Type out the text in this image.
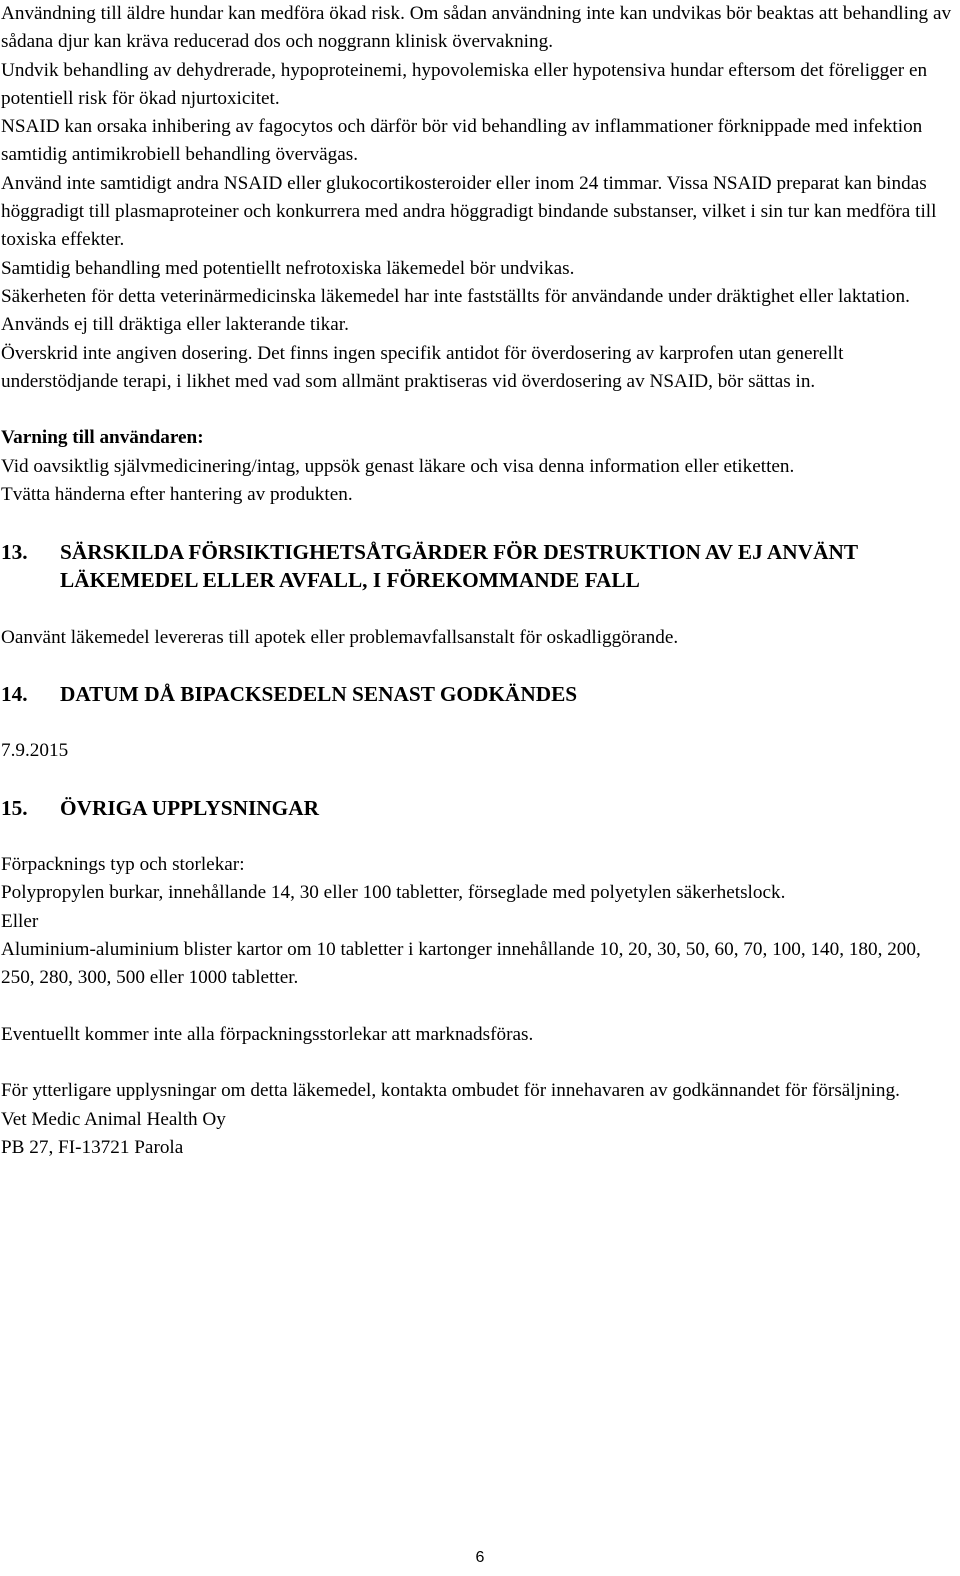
Användning till äldre hundar kan medföra ökad risk. Om sådan användning inte kan undvikas bör beaktas att behandling av sådana djur kan kräva reducerad dos och noggrann klinisk övervakning.

Undvik behandling av dehydrerade, hypoproteinemi, hypovolemiska eller hypotensiva hundar eftersom det föreligger en potentiell risk för ökad njurtoxicitet.

NSAID kan orsaka inhibering av fagocytos och därför bör vid behandling av inflammationer förknippade med infektion samtidig antimikrobiell behandling övervägas.

Använd inte samtidigt andra NSAID eller glukocortikosteroider eller inom 24 timmar. Vissa NSAID preparat kan bindas höggradigt till plasmaproteiner och konkurrera med andra höggradigt bindande substanser, vilket i sin tur kan medföra till toxiska effekter.

Samtidig behandling med potentiellt nefrotoxiska läkemedel bör undvikas.

Säkerheten för detta veterinärmedicinska läkemedel har inte fastställts för användande under dräktighet eller laktation. Används ej till dräktiga eller lakterande tikar.

Överskrid inte angiven dosering. Det finns ingen specifik antidot för överdosering av karprofen utan generellt understödjande terapi, i likhet med vad som allmänt praktiseras vid överdosering av NSAID, bör sättas in.

Varning till användaren:

Vid oavsiktlig självmedicinering/intag, uppsök genast läkare och visa denna information eller etiketten.

Tvätta händerna efter hantering av produkten.

13.	SÄRSKILDA FÖRSIKTIGHETSÅTGÄRDER FÖR DESTRUKTION AV EJ ANVÄNT LÄKEMEDEL ELLER AVFALL, I FÖREKOMMANDE FALL

Oanvänt läkemedel levereras till apotek eller problemavfallsanstalt för oskadliggörande.

14.	DATUM DÅ BIPACKSEDELN SENAST GODKÄNDES

7.9.2015

15.	ÖVRIGA UPPLYSNINGAR

Förpacknings typ och storlekar:

Polypropylen burkar, innehållande 14, 30 eller 100 tabletter, förseglade med polyetylen säkerhetslock.

Eller

Aluminium-aluminium blister kartor om 10 tabletter i kartonger innehållande 10, 20, 30, 50, 60, 70, 100, 140, 180, 200, 250, 280, 300, 500 eller 1000 tabletter.

Eventuellt kommer inte alla förpackningsstorlekar att marknadsföras.

För ytterligare upplysningar om detta läkemedel, kontakta ombudet för innehavaren av godkännandet för försäljning.

Vet Medic Animal Health Oy

PB 27, FI-13721 Parola

6
